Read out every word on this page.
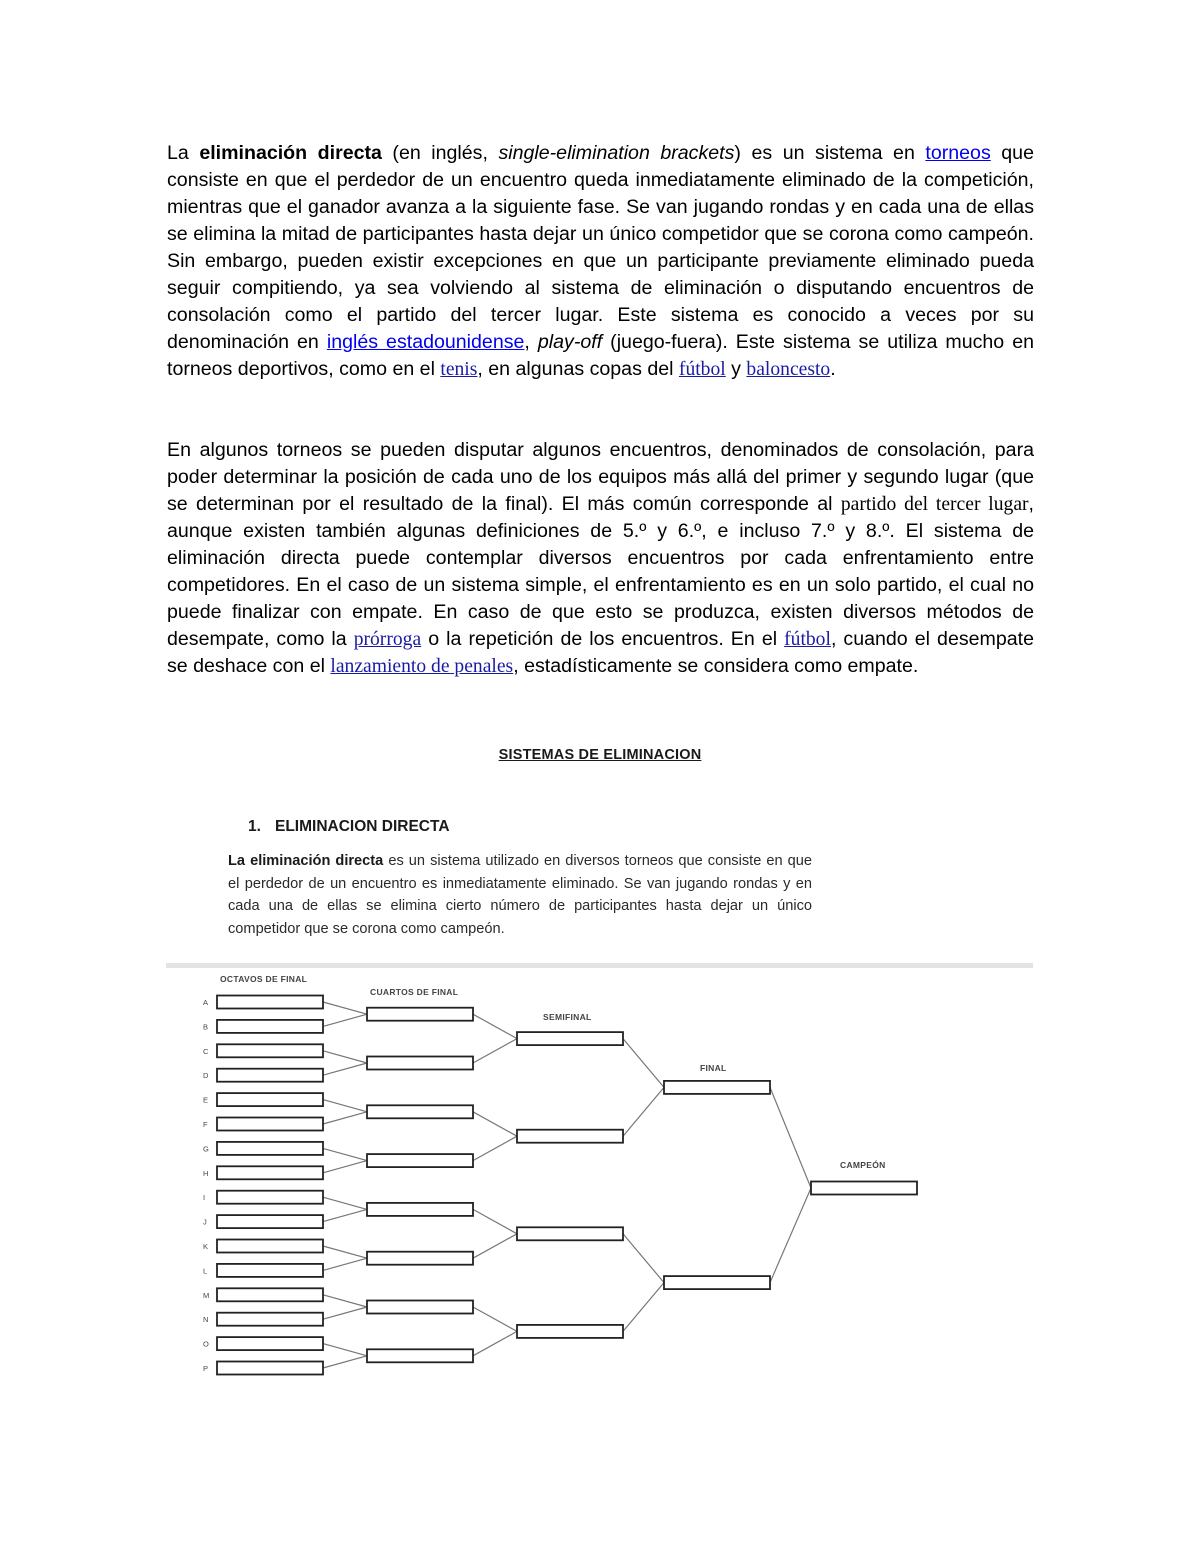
La eliminación directa (en inglés, single-elimination brackets) es un sistema en torneos que consiste en que el perdedor de un encuentro queda inmediatamente eliminado de la competición, mientras que el ganador avanza a la siguiente fase. Se van jugando rondas y en cada una de ellas se elimina la mitad de participantes hasta dejar un único competidor que se corona como campeón. Sin embargo, pueden existir excepciones en que un participante previamente eliminado pueda seguir compitiendo, ya sea volviendo al sistema de eliminación o disputando encuentros de consolación como el partido del tercer lugar. Este sistema es conocido a veces por su denominación en inglés estadounidense, play-off (juego-fuera). Este sistema se utiliza mucho en torneos deportivos, como en el tenis, en algunas copas del fútbol y baloncesto.

En algunos torneos se pueden disputar algunos encuentros, denominados de consolación, para poder determinar la posición de cada uno de los equipos más allá del primer y segundo lugar (que se determinan por el resultado de la final). El más común corresponde al partido del tercer lugar, aunque existen también algunas definiciones de 5.º y 6.º, e incluso 7.º y 8.º. El sistema de eliminación directa puede contemplar diversos encuentros por cada enfrentamiento entre competidores. En el caso de un sistema simple, el enfrentamiento es en un solo partido, el cual no puede finalizar con empate. En caso de que esto se produzca, existen diversos métodos de desempate, como la prórroga o la repetición de los encuentros. En el fútbol, cuando el desempate se deshace con el lanzamiento de penales, estadísticamente se considera como empate.

SISTEMAS DE ELIMINACION
1. ELIMINACION DIRECTA

La eliminación directa es un sistema utilizado en diversos torneos que consiste en que el perdedor de un encuentro es inmediatamente eliminado. Se van jugando rondas y en cada una de ellas se elimina cierto número de participantes hasta dejar un único competidor que se corona como campeón.

A
B
C
D
E
F
G
H
I
J
K
L
M
N
O
P
OCTAVOS DE FINAL
CUARTOS DE FINAL
SEMIFINAL
FINAL
CAMPEÓN
